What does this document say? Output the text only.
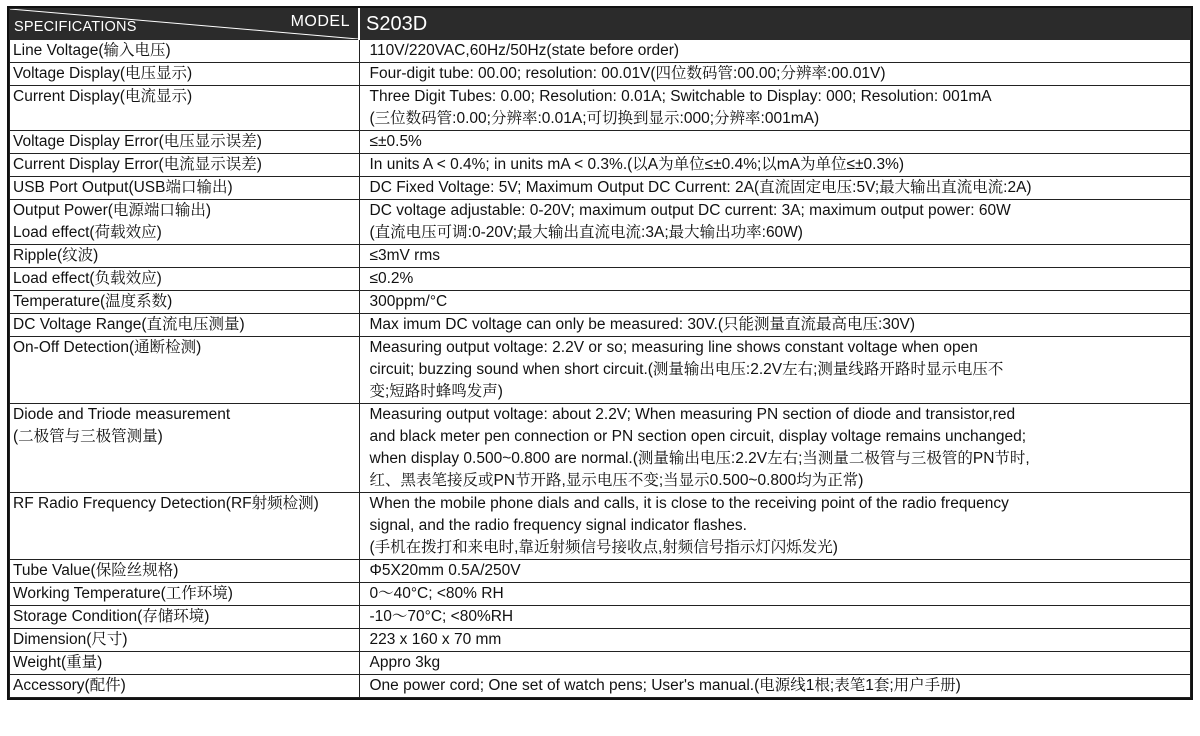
SPECIFICATIONS MODEL	S203D

Line Voltage(输入电压)	110V/220VAC,60Hz/50Hz(state before order)

Voltage Display(电压显示)	Four-digit tube: 00.00; resolution: 00.01V(四位数码管:00.00;分辨率:00.01V)

Current Display(电流显示)	Three Digit Tubes: 0.00; Resolution: 0.01A; Switchable to Display: 000; Resolution: 001mA
(三位数码管:0.00;分辨率:0.01A;可切换到显示:000;分辨率:001mA)

Voltage Display Error(电压显示误差)	≤±0.5%

Current Display Error(电流显示误差)	In units A < 0.4%; in units mA < 0.3%.(以A为单位≤±0.4%;以mA为单位≤±0.3%)

USB Port Output(USB端口输出)	DC Fixed Voltage: 5V; Maximum Output DC Current: 2A(直流固定电压:5V;最大输出直流电流:2A)

Output Power(电源端口输出)
Load effect(荷载效应)	DC voltage adjustable: 0-20V; maximum output DC current: 3A; maximum output power: 60W
(直流电压可调:0-20V;最大输出直流电流:3A;最大输出功率:60W)

Ripple(纹波)	≤3mV rms

Load effect(负载效应)	≤0.2%

Temperature(温度系数)	300ppm/°C

DC Voltage Range(直流电压测量)	Max imum DC voltage can only be measured: 30V.(只能测量直流最高电压:30V)

On-Off Detection(通断检测)	Measuring output voltage: 2.2V or so; measuring line shows constant voltage when open
circuit; buzzing sound when short circuit.(测量输出电压:2.2V左右;测量线路开路时显示电压不
变;短路时蜂鸣发声)

Diode and Triode measurement
(二极管与三极管测量)	Measuring output voltage: about 2.2V; When measuring PN section of diode and transistor,red
and black meter pen connection or PN section open circuit, display voltage remains unchanged;
when display 0.500~0.800 are normal.(测量输出电压:2.2V左右;当测量二极管与三极管的PN节时,
红、黑表笔接反或PN节开路,显示电压不变;当显示0.500~0.800均为正常)

RF Radio Frequency Detection(RF射频检测)	When the mobile phone dials and calls, it is close to the receiving point of the radio frequency
signal, and the radio frequency signal indicator flashes.
(手机在拨打和来电时,靠近射频信号接收点,射频信号指示灯闪烁发光)

Tube Value(保险丝规格)	Φ5X20mm 0.5A/250V

Working Temperature(工作环境)	0～40°C; <80% RH

Storage Condition(存储环境)	-10～70°C; <80%RH

Dimension(尺寸)	223 x 160 x 70 mm

Weight(重量)	Appro 3kg

Accessory(配件)	One power cord; One set of watch pens; User's manual.(电源线1根;表笔1套;用户手册)
